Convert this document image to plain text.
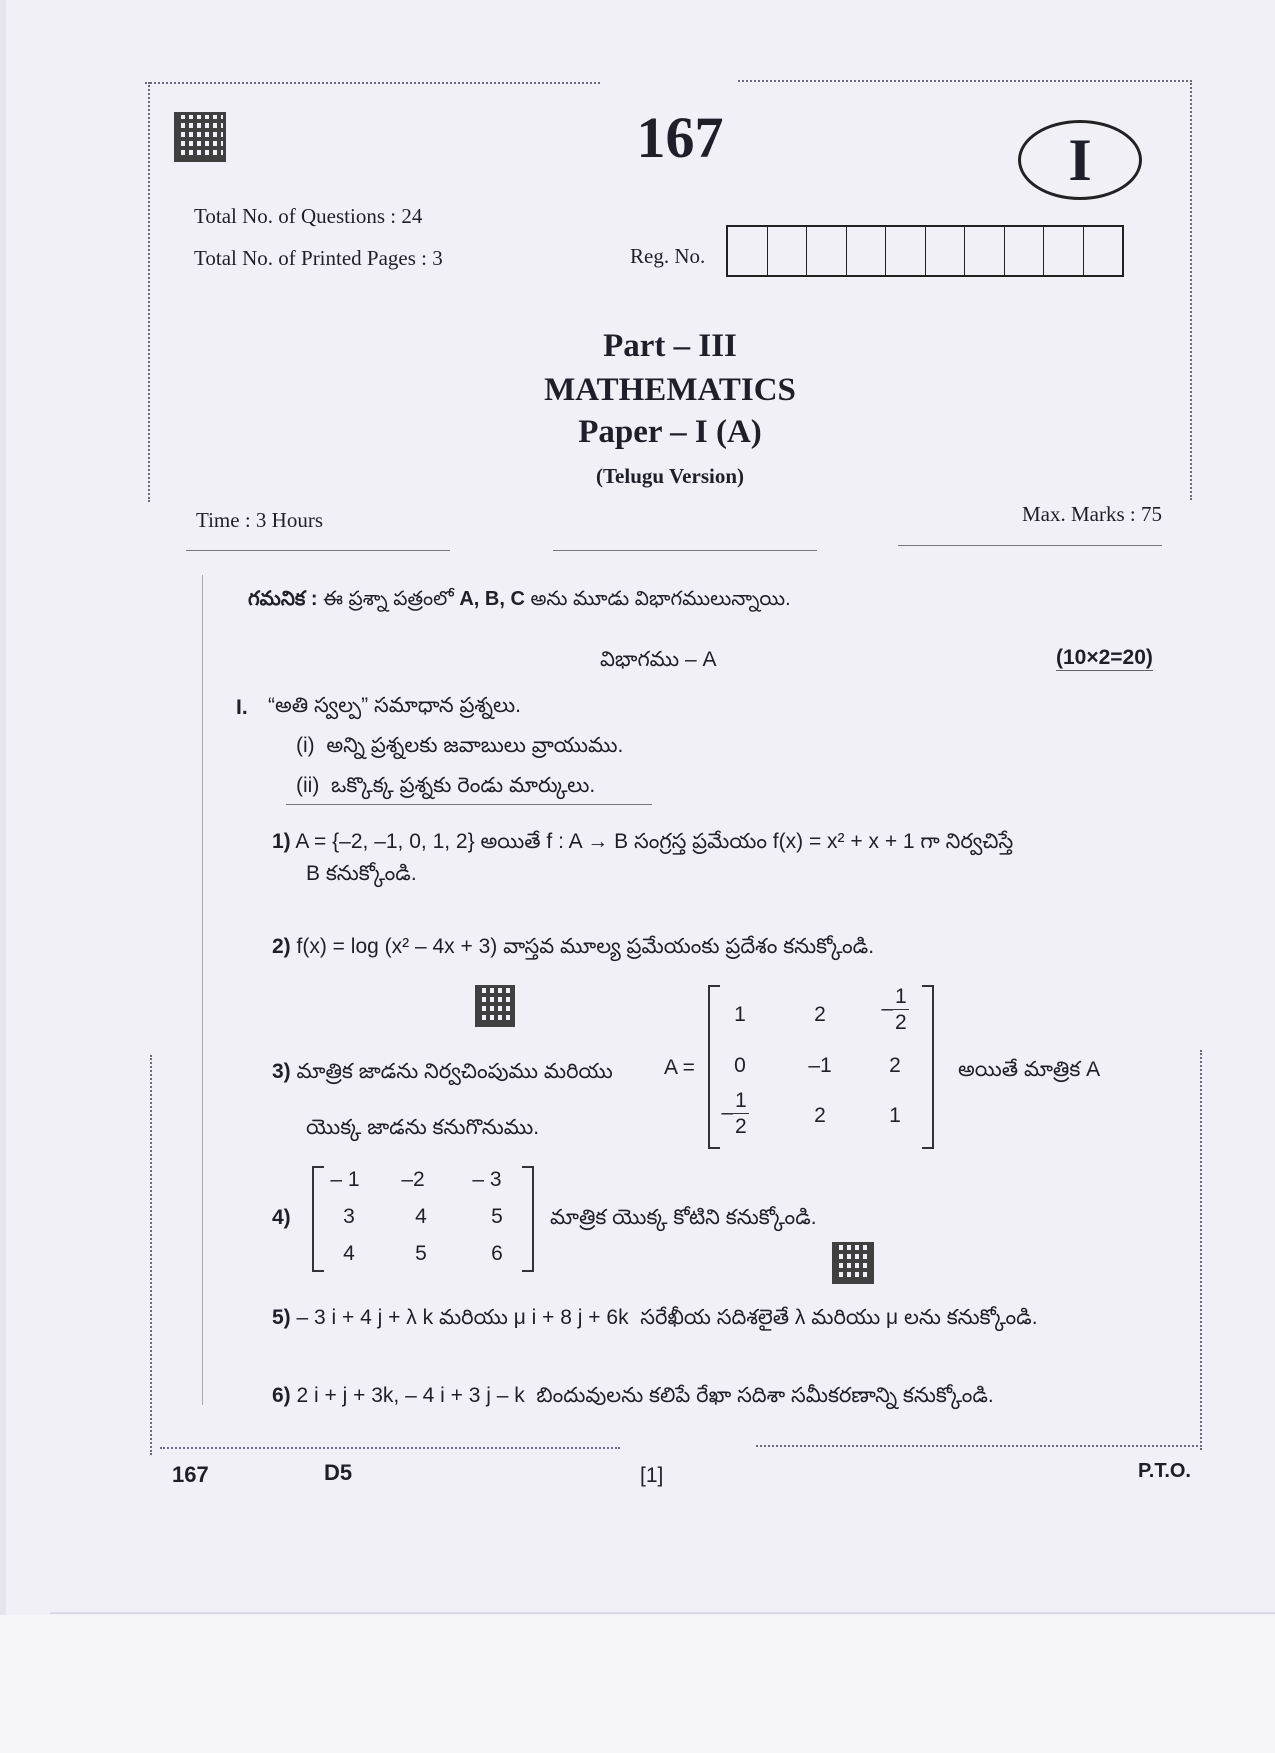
167	I
Total No. of Questions : 24
Total No. of Printed Pages : 3	Reg. No.
Part – III
MATHEMATICS
Paper – I (A)
(Telugu Version)
Time : 3 Hours	Max. Marks : 75
గమనిక : ఈ ప్రశ్నా పత్రంలో A, B, C అను మూడు విభాగములున్నాయి.
విభాగము – A	(10×2=20)
I. “అతి స్వల్ప” సమాధాన ప్రశ్నలు.
(i) అన్ని ప్రశ్నలకు జవాబులు వ్రాయుము.
(ii) ఒక్కొక్క ప్రశ్నకు రెండు మార్కులు.
1) A = {–2, –1, 0, 1, 2} అయితే f : A → B సంగ్రస్త ప్రమేయం f(x) = x² + x + 1 గా నిర్వచిస్తే
B కనుక్కోండి.
2) f(x) = log (x² – 4x + 3) వాస్తవ మూల్య ప్రమేయంకు ప్రదేశం కనుక్కోండి.
3) మాత్రిక జాడను నిర్వచింపుము మరియు A =
1	2	– $\frac{1}{2}$
0	–1	2
– $\frac{1}{2}$	2	1
అయితే మాత్రిక A
యొక్క జాడను కనుగొనుము.
4)
– 1	–2	– 3
3	4	5
4	5	6
మాత్రిక యొక్క కోటిని కనుక్కోండి.
5) – 3 i + 4 j + λ k మరియు μ i + 8 j + 6k సరేఖీయ సదిశలైతే λ మరియు μ లను కనుక్కోండి.
6) 2 i + j + 3k, – 4 i + 3 j – k బిందువులను కలిపే రేఖా సదిశా సమీకరణాన్ని కనుక్కోండి.
167	D5	[1]	P.T.O.
